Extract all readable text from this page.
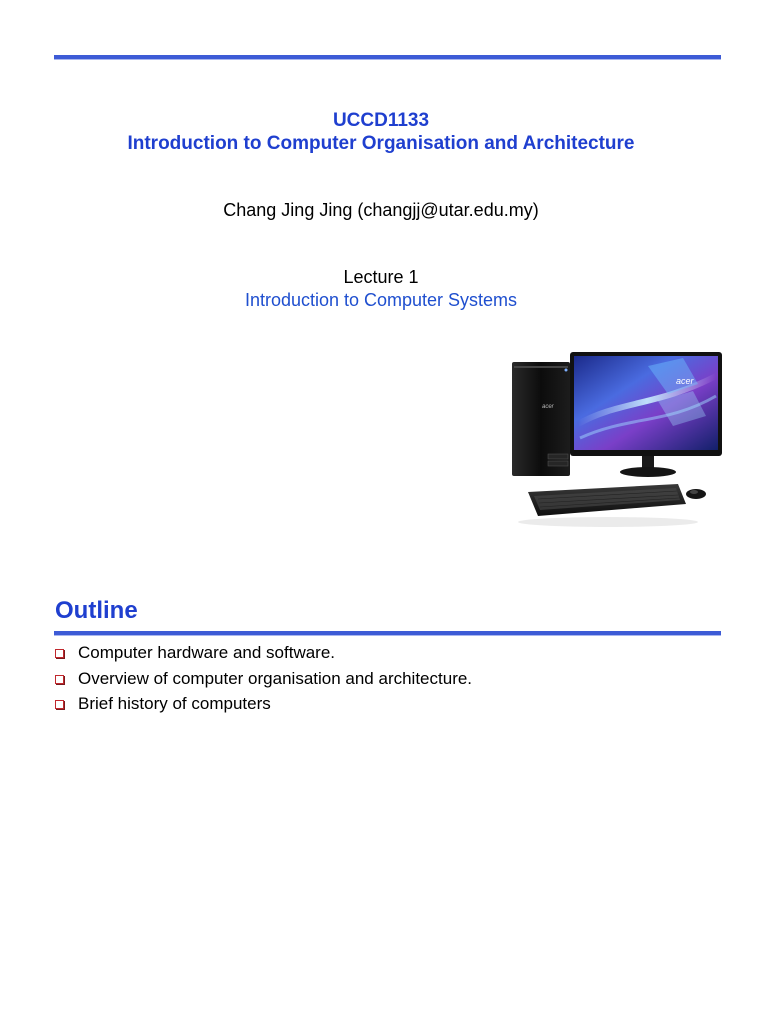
UCCD1133
Introduction to Computer Organisation and Architecture
Chang Jing Jing (changjj@utar.edu.my)
Lecture 1
Introduction to Computer Systems
acer
acer
Outline
Computer hardware and software.
Overview of computer organisation and architecture.
Brief history of computers
